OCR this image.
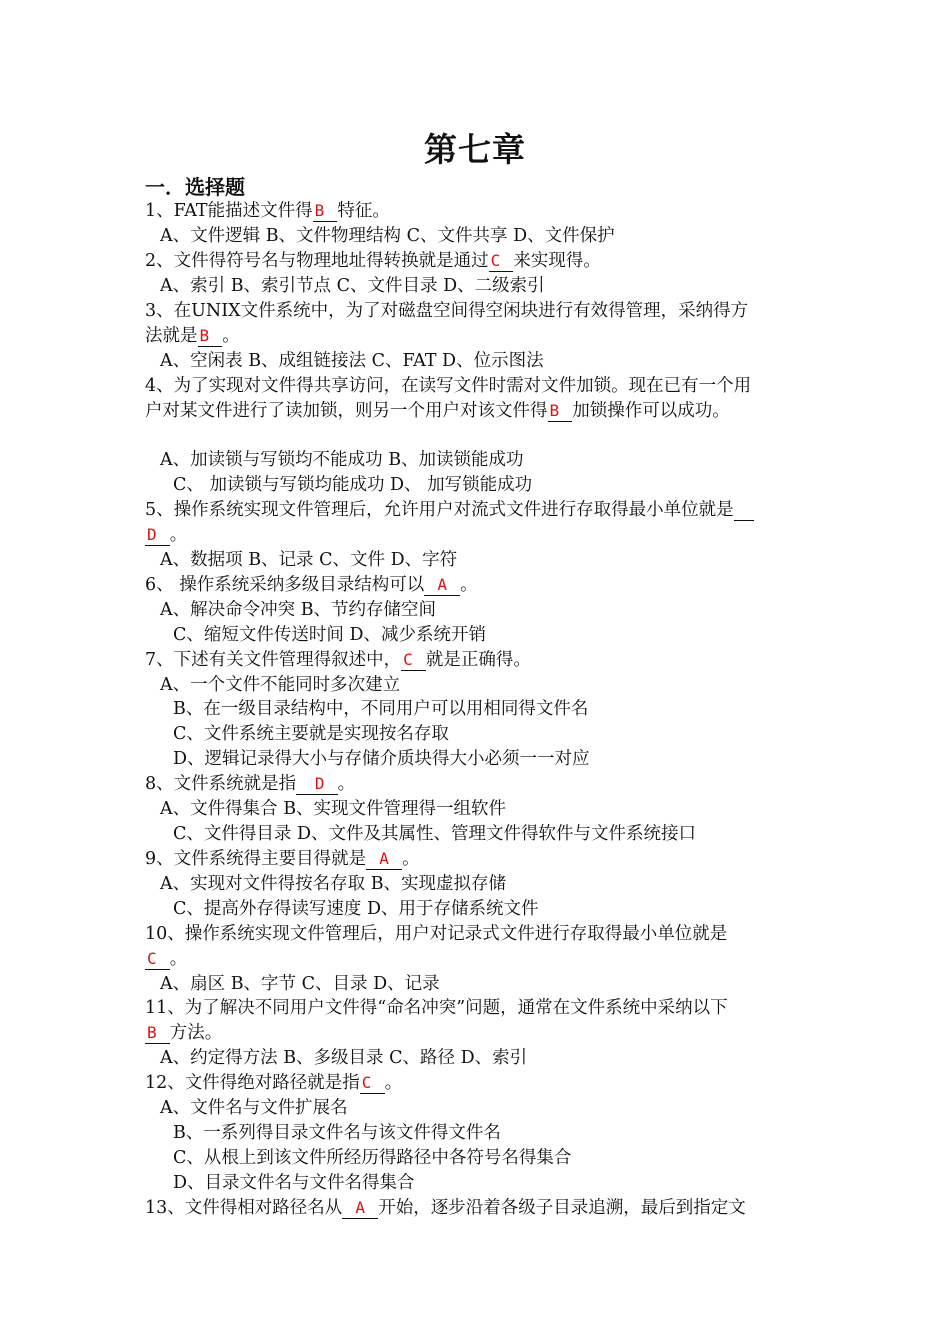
第七章
一．选择题
1、FAT能描述文件得 B 特征。
A、文件逻辑 B、文件物理结构 C、文件共享 D、文件保护
2、文件得符号名与物理地址得转换就是通过 C 来实现得。
A、索引 B、索引节点 C、文件目录 D、二级索引
3、在UNIX文件系统中，为了对磁盘空间得空闲块进行有效得管理，采纳得方
法就是 B 。
A、空闲表 B、成组链接法 C、FAT D、位示图法
4、为了实现对文件得共享访问，在读写文件时需对文件加锁。现在已有一个用
户对某文件进行了读加锁，则另一个用户对该文件得 B 加锁操作可以成功。
A、加读锁与写锁均不能成功 B、加读锁能成功
C、 加读锁与写锁均能成功 D、 加写锁能成功
5、操作系统实现文件管理后，允许用户对流式文件进行存取得最小单位就是
D 。
A、数据项 B、记录 C、文件 D、字符
6、 操作系统采纳多级目录结构可以 A 。
A、解决命令冲突 B、节约存储空间
C、缩短文件传送时间 D、减少系统开销
7、下述有关文件管理得叙述中， C 就是正确得。
A、一个文件不能同时多次建立
B、在一级目录结构中，不同用户可以用相同得文件名
C、文件系统主要就是实现按名存取
D、逻辑记录得大小与存储介质块得大小必须一一对应
8、文件系统就是指 D 。
A、文件得集合 B、实现文件管理得一组软件
C、文件得目录 D、文件及其属性、管理文件得软件与文件系统接口
9、文件系统得主要目得就是 A 。
A、实现对文件得按名存取 B、实现虚拟存储
C、提高外存得读写速度 D、用于存储系统文件
10、操作系统实现文件管理后，用户对记录式文件进行存取得最小单位就是
C 。
A、扇区 B、字节 C、目录 D、记录
11、为了解决不同用户文件得“命名冲突”问题，通常在文件系统中采纳以下
B 方法。
A、约定得方法 B、多级目录 C、路径 D、索引
12、文件得绝对路径就是指 C 。
A、文件名与文件扩展名
B、一系列得目录文件名与该文件得文件名
C、从根上到该文件所经历得路径中各符号名得集合
D、目录文件名与文件名得集合
13、文件得相对路径名从 A 开始，逐步沿着各级子目录追溯，最后到指定文
